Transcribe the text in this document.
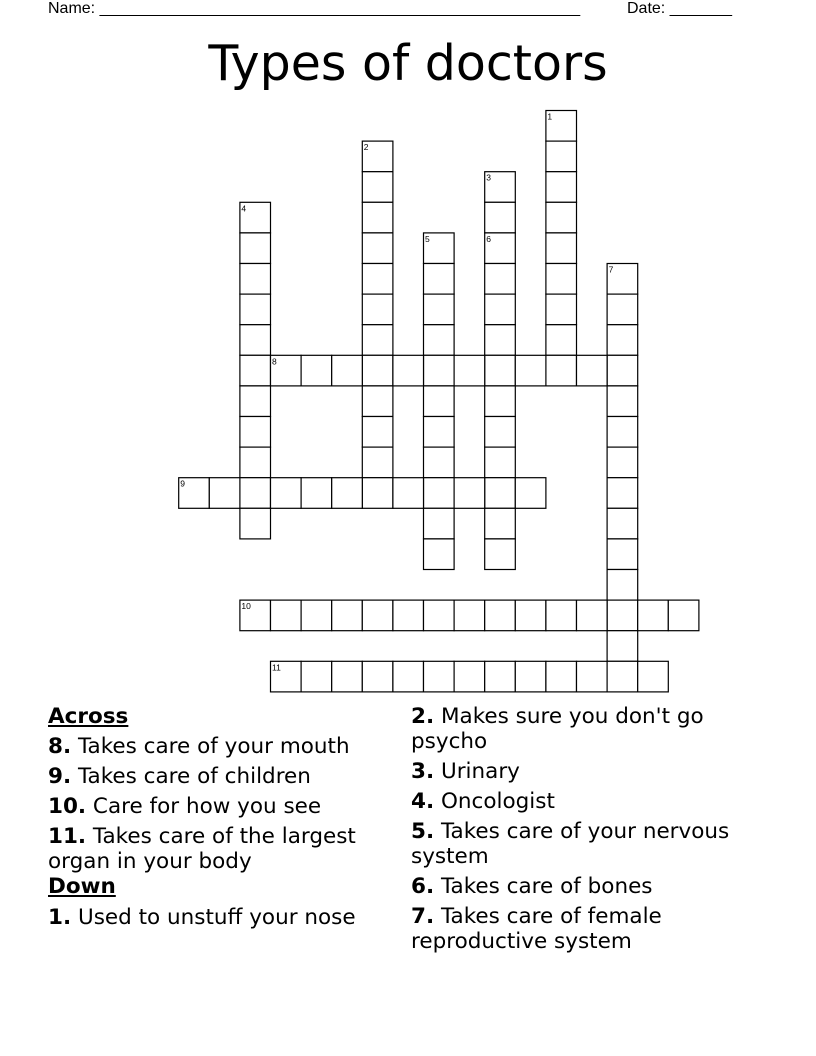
Name: ______________________________________________________	Date: _______
Types of doctors
1
2
3
6
4
5
7
8
9
10
11
Across
8. Takes care of your mouth
9. Takes care of children
10. Care for how you see
11. Takes care of the largest organ in your body
Down
1. Used to unstuff your nose
2. Makes sure you don't go psycho
3. Urinary
4. Oncologist
5. Takes care of your nervous system
6. Takes care of bones
7. Takes care of female reproductive system
